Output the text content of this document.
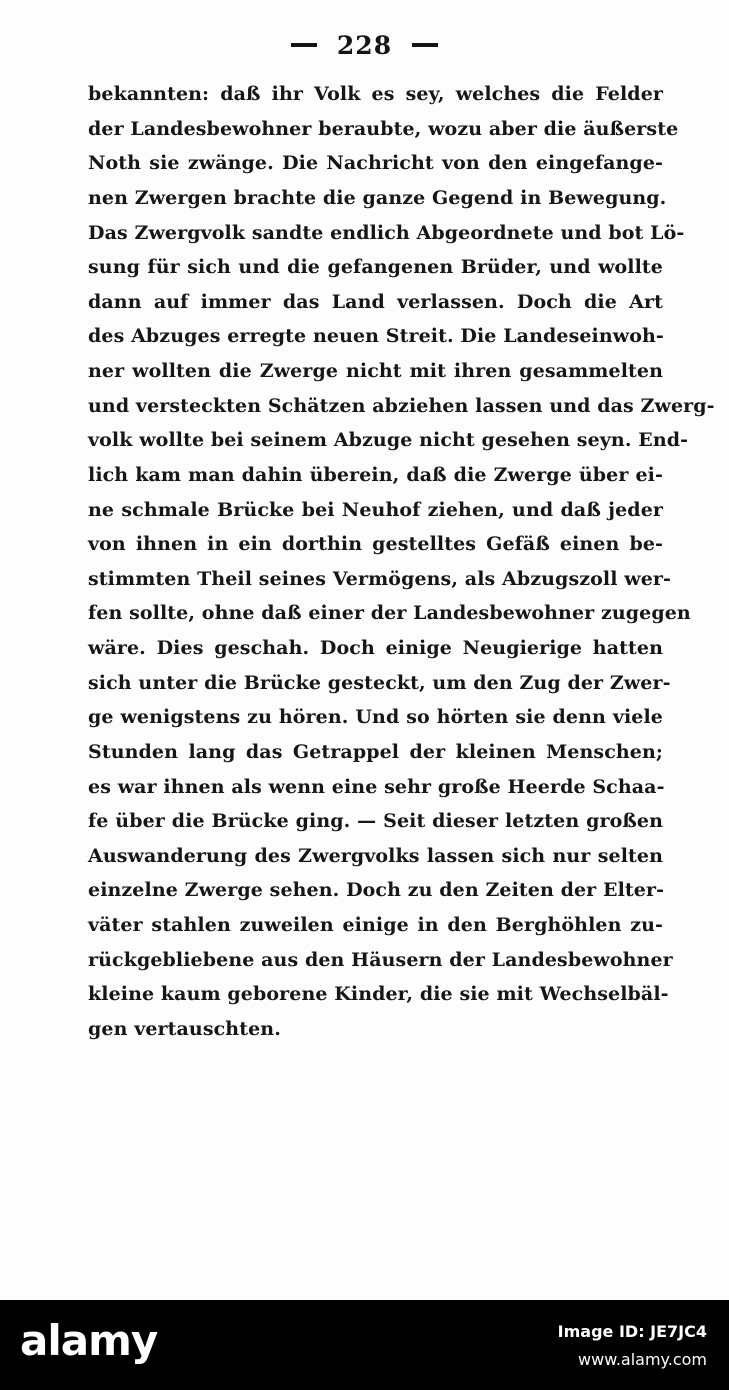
228
bekannten: daß ihr Volk es sey, welches die Felder
der Landesbewohner beraubte, wozu aber die äußerste
Noth sie zwänge. Die Nachricht von den eingefange-
nen Zwergen brachte die ganze Gegend in Bewegung.
Das Zwergvolk sandte endlich Abgeordnete und bot Lö-
sung für sich und die gefangenen Brüder, und wollte
dann auf immer das Land verlassen. Doch die Art
des Abzuges erregte neuen Streit. Die Landeseinwoh-
ner wollten die Zwerge nicht mit ihren gesammelten
und versteckten Schätzen abziehen lassen und das Zwerg-
volk wollte bei seinem Abzuge nicht gesehen seyn. End-
lich kam man dahin überein, daß die Zwerge über ei-
ne schmale Brücke bei Neuhof ziehen, und daß jeder
von ihnen in ein dorthin gestelltes Gefäß einen be-
stimmten Theil seines Vermögens, als Abzugszoll wer-
fen sollte, ohne daß einer der Landesbewohner zugegen
wäre. Dies geschah. Doch einige Neugierige hatten
sich unter die Brücke gesteckt, um den Zug der Zwer-
ge wenigstens zu hören. Und so hörten sie denn viele
Stunden lang das Getrappel der kleinen Menschen;
es war ihnen als wenn eine sehr große Heerde Schaa-
fe über die Brücke ging. — Seit dieser letzten großen
Auswanderung des Zwergvolks lassen sich nur selten
einzelne Zwerge sehen. Doch zu den Zeiten der Elter-
väter stahlen zuweilen einige in den Berghöhlen zu-
rückgebliebene aus den Häusern der Landesbewohner
kleine kaum geborene Kinder, die sie mit Wechselbäl-
gen vertauschten.
alamy	Image ID: JE7JC4
www.alamy.com
